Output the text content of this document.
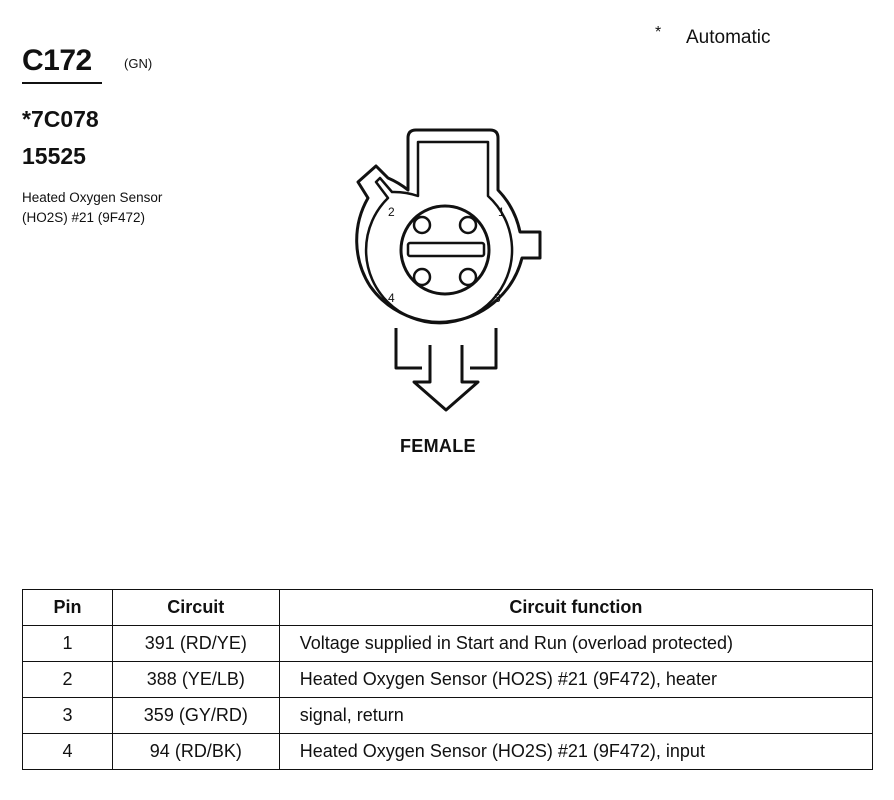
C172 (GN)
*7C078
15525
Heated Oxygen Sensor
(HO2S) #21 (9F472)
* Automatic
2	1
4	3
FEMALE
Pin	Circuit	Circuit function
1	391 (RD/YE)	Voltage supplied in Start and Run (overload protected)
2	388 (YE/LB)	Heated Oxygen Sensor (HO2S) #21 (9F472), heater
3	359 (GY/RD)	signal, return
4	94 (RD/BK)	Heated Oxygen Sensor (HO2S) #21 (9F472), input
